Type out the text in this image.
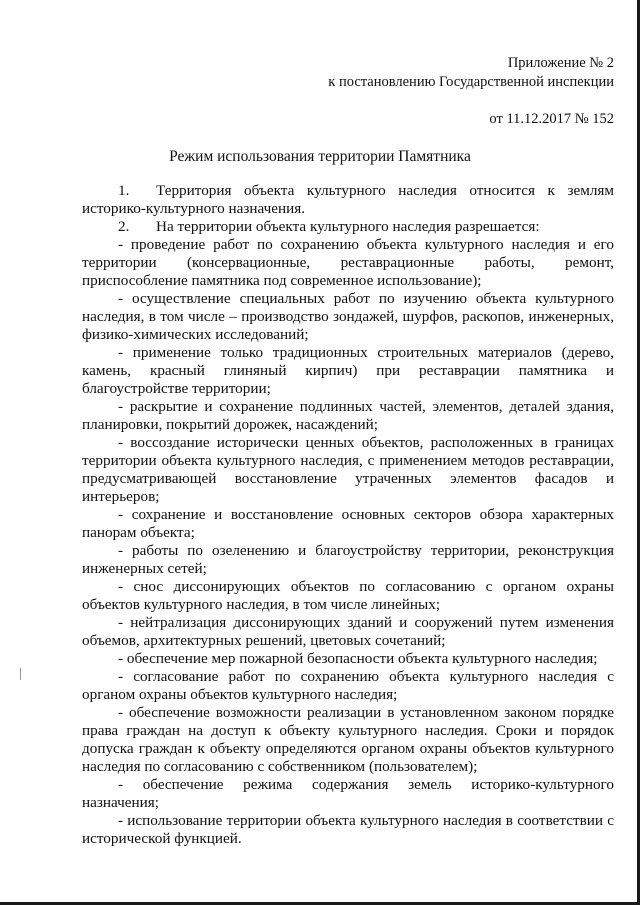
Приложение № 2
к постановлению Государственной инспекции
от 11.12.2017 № 152
Режим использования территории Памятника

1. Территория объекта культурного наследия относится к землям историко-культурного назначения.

2. На территории объекта культурного наследия разрешается:

- проведение работ по сохранению объекта культурного наследия и его территории (консервационные, реставрационные работы, ремонт, приспособление памятника под современное использование);

- осуществление специальных работ по изучению объекта культурного наследия, в том числе – производство зондажей, шурфов, раскопов, инженерных, физико-химических исследований;

- применение только традиционных строительных материалов (дерево, камень, красный глиняный кирпич) при реставрации памятника и благоустройстве территории;

- раскрытие и сохранение подлинных частей, элементов, деталей здания, планировки, покрытий дорожек, насаждений;

- воссоздание исторически ценных объектов, расположенных в границах территории объекта культурного наследия, с применением методов реставрации, предусматривающей восстановление утраченных элементов фасадов и интерьеров;

- сохранение и восстановление основных секторов обзора характерных панорам объекта;

- работы по озеленению и благоустройству территории, реконструкция инженерных сетей;

- снос диссонирующих объектов по согласованию с органом охраны объектов культурного наследия, в том числе линейных;

- нейтрализация диссонирующих зданий и сооружений путем изменения объемов, архитектурных решений, цветовых сочетаний;

- обеспечение мер пожарной безопасности объекта культурного наследия;

- согласование работ по сохранению объекта культурного наследия с органом охраны объектов культурного наследия;

- обеспечение возможности реализации в установленном законом порядке права граждан на доступ к объекту культурного наследия. Сроки и порядок допуска граждан к объекту определяются органом охраны объектов культурного наследия по согласованию с собственником (пользователем);

- обеспечение режима содержания земель историко-культурного назначения;

- использование территории объекта культурного наследия в соответствии с исторической функцией.
